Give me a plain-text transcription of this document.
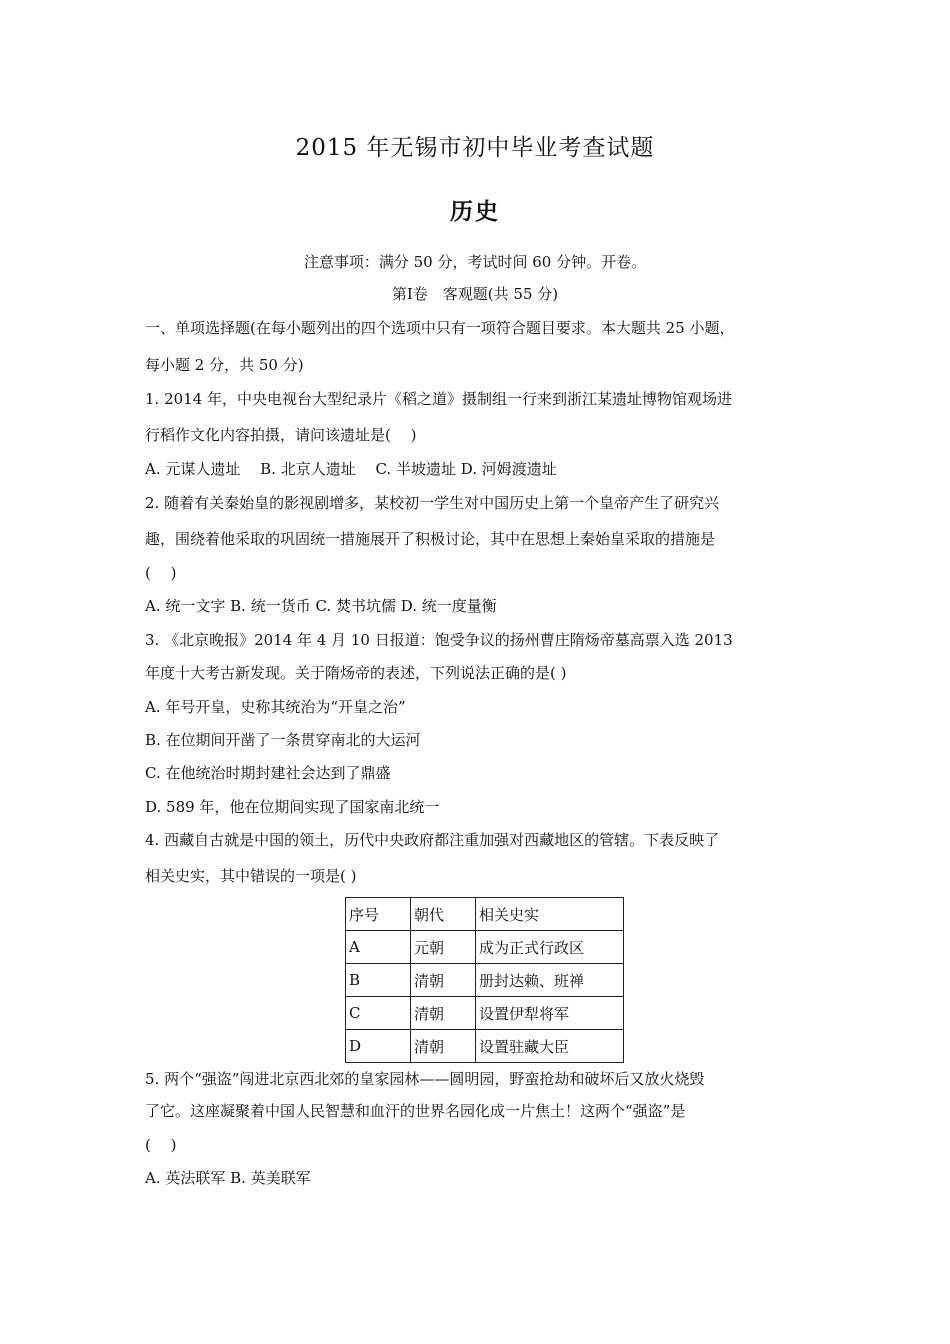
2015 年无锡市初中毕业考查试题
历史
注意事项：满分 50 分，考试时间 60 分钟。开卷。
第Ⅰ卷　客观题(共 55 分)
一、单项选择题(在每小题列出的四个选项中只有一项符合题目要求。本大题共 25 小题，
每小题 2 分，共 50 分)
1. 2014 年，中央电视台大型纪录片《稻之道》摄制组一行来到浙江某遗址博物馆观场进
行稻作文化内容拍摄，请问该遗址是(　 )
A. 元谋人遗址　 B. 北京人遗址　 C. 半坡遗址 D. 河姆渡遗址
2. 随着有关秦始皇的影视剧增多，某校初一学生对中国历史上第一个皇帝产生了研究兴
趣，围绕着他采取的巩固统一措施展开了积极讨论，其中在思想上秦始皇采取的措施是
(　 )
A. 统一文字 B. 统一货币 C. 焚书坑儒 D. 统一度量衡
3. 《北京晚报》2014 年 4 月 10 日报道：饱受争议的扬州曹庄隋炀帝墓高票入选 2013
年度十大考古新发现。关于隋炀帝的表述，下列说法正确的是( )
A. 年号开皇，史称其统治为“开皇之治”
B. 在位期间开凿了一条贯穿南北的大运河
C. 在他统治时期封建社会达到了鼎盛
D. 589 年，他在位期间实现了国家南北统一
4. 西藏自古就是中国的领土，历代中央政府都注重加强对西藏地区的管辖。下表反映了
相关史实，其中错误的一项是( )
序号	朝代	相关史实
A	元朝	成为正式行政区
B	清朝	册封达赖、班禅
C	清朝	设置伊犁将军
D	清朝	设置驻藏大臣
5. 两个“强盗”闯进北京西北郊的皇家园林——圆明园，野蛮抢劫和破坏后又放火烧毁
了它。这座凝聚着中国人民智慧和血汗的世界名园化成一片焦土！这两个“强盗”是
(　 )
A. 英法联军 B. 英美联军
